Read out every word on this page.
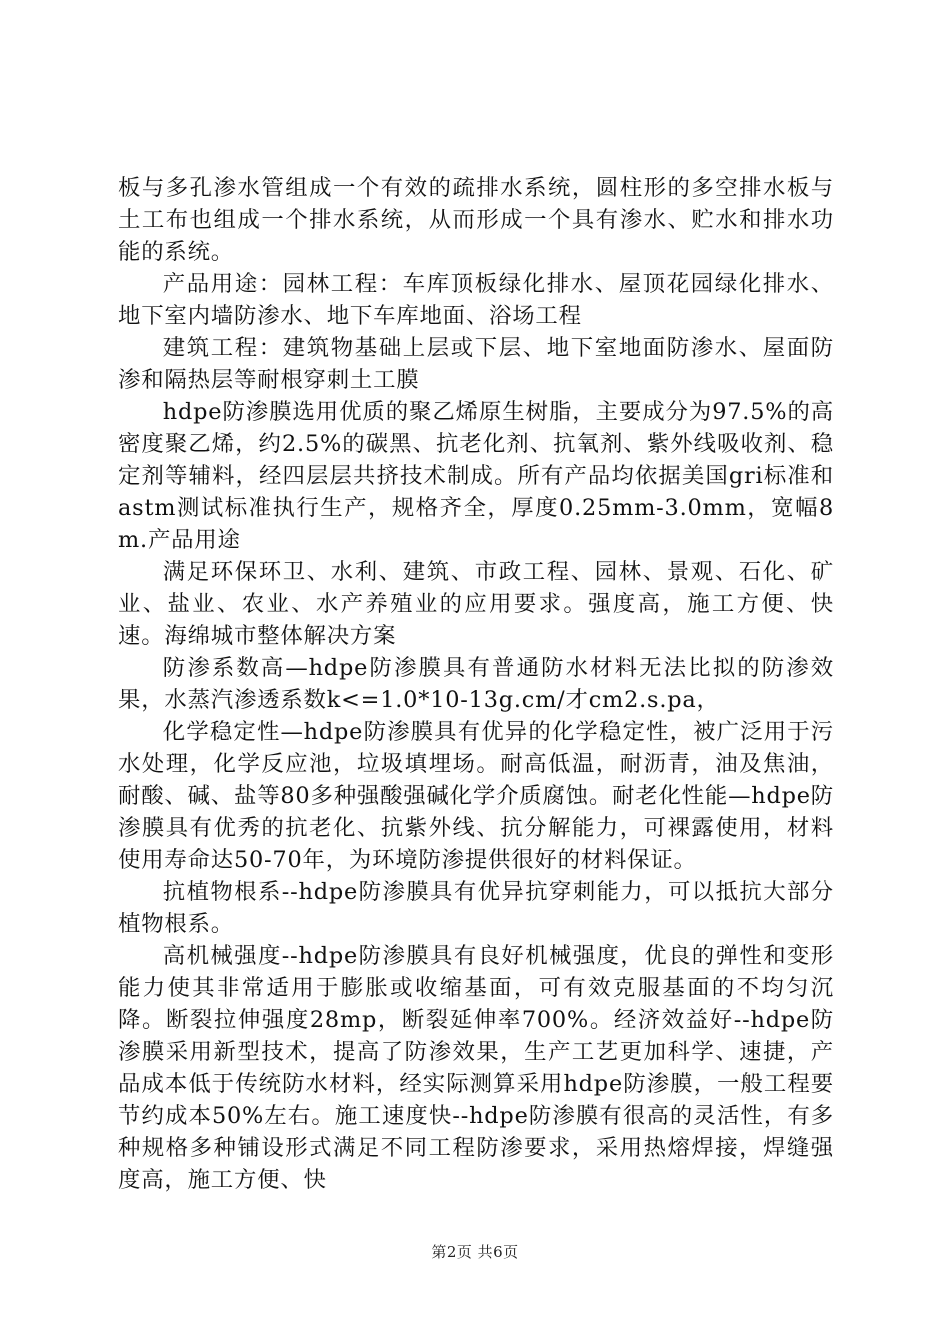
板与多孔渗水管组成一个有效的疏排水系统，圆柱形的多空排水板与土工布也组成一个排水系统，从而形成一个具有渗水、贮水和排水功能的系统。

产品用途：园林工程：车库顶板绿化排水、屋顶花园绿化排水、地下室内墙防渗水、地下车库地面、浴场工程

建筑工程：建筑物基础上层或下层、地下室地面防渗水、屋面防渗和隔热层等耐根穿刺土工膜

hdpe防渗膜选用优质的聚乙烯原生树脂，主要成分为97.5%的高密度聚乙烯，约2.5%的碳黑、抗老化剂、抗氧剂、紫外线吸收剂、稳定剂等辅料，经四层层共挤技术制成。所有产品均依据美国gri标准和astm测试标准执行生产，规格齐全，厚度0.25mm-3.0mm，宽幅8m.产品用途

满足环保环卫、水利、建筑、市政工程、园林、景观、石化、矿业、盐业、农业、水产养殖业的应用要求。强度高，施工方便、快速。海绵城市整体解决方案

防渗系数高—hdpe防渗膜具有普通防水材料无法比拟的防渗效果，水蒸汽渗透系数k<=1.0*10-13g.cm/才cm2.s.pa，

化学稳定性—hdpe防渗膜具有优异的化学稳定性，被广泛用于污水处理，化学反应池，垃圾填埋场。耐高低温，耐沥青，油及焦油，耐酸、碱、盐等80多种强酸强碱化学介质腐蚀。耐老化性能—hdpe防渗膜具有优秀的抗老化、抗紫外线、抗分解能力，可裸露使用，材料使用寿命达50-70年，为环境防渗提供很好的材料保证。

抗植物根系--hdpe防渗膜具有优异抗穿刺能力，可以抵抗大部分植物根系。

高机械强度--hdpe防渗膜具有良好机械强度，优良的弹性和变形能力使其非常适用于膨胀或收缩基面，可有效克服基面的不均匀沉降。断裂拉伸强度28mp，断裂延伸率700%。经济效益好--hdpe防渗膜采用新型技术，提高了防渗效果，生产工艺更加科学、速捷，产品成本低于传统防水材料，经实际测算采用hdpe防渗膜，一般工程要节约成本50%左右。施工速度快--hdpe防渗膜有很高的灵活性，有多种规格多种铺设形式满足不同工程防渗要求，采用热熔焊接，焊缝强度高，施工方便、快

第2页 共6页
